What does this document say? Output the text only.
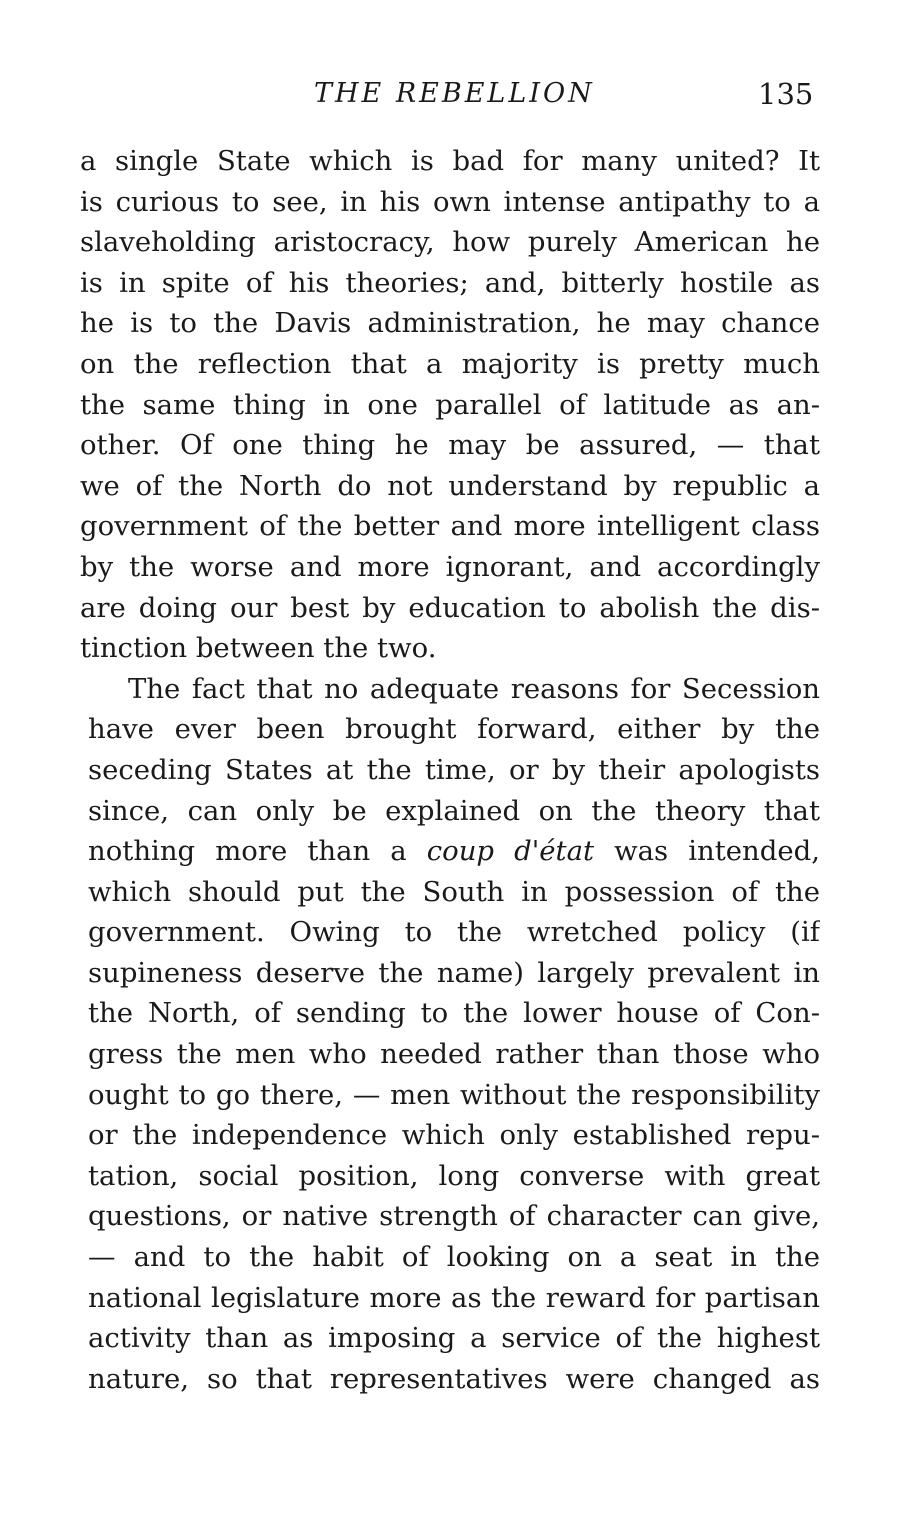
THE REBELLION	135
a single State which is bad for many united? It
is curious to see, in his own intense antipathy to a
slaveholding aristocracy, how purely American he
is in spite of his theories; and, bitterly hostile as
he is to the Davis administration, he may chance
on the reflection that a majority is pretty much
the same thing in one parallel of latitude as an-
other. Of one thing he may be assured, — that
we of the North do not understand by republic a
government of the better and more intelligent class
by the worse and more ignorant, and accordingly
are doing our best by education to abolish the dis-
tinction between the two.
The fact that no adequate reasons for Secession
have ever been brought forward, either by the
seceding States at the time, or by their apologists
since, can only be explained on the theory that
nothing more than a coup d'état was intended,
which should put the South in possession of the
government. Owing to the wretched policy (if
supineness deserve the name) largely prevalent in
the North, of sending to the lower house of Con-
gress the men who needed rather than those who
ought to go there, — men without the responsibility
or the independence which only established repu-
tation, social position, long converse with great
questions, or native strength of character can give,
— and to the habit of looking on a seat in the
national legislature more as the reward for partisan
activity than as imposing a service of the highest
nature, so that representatives were changed as
